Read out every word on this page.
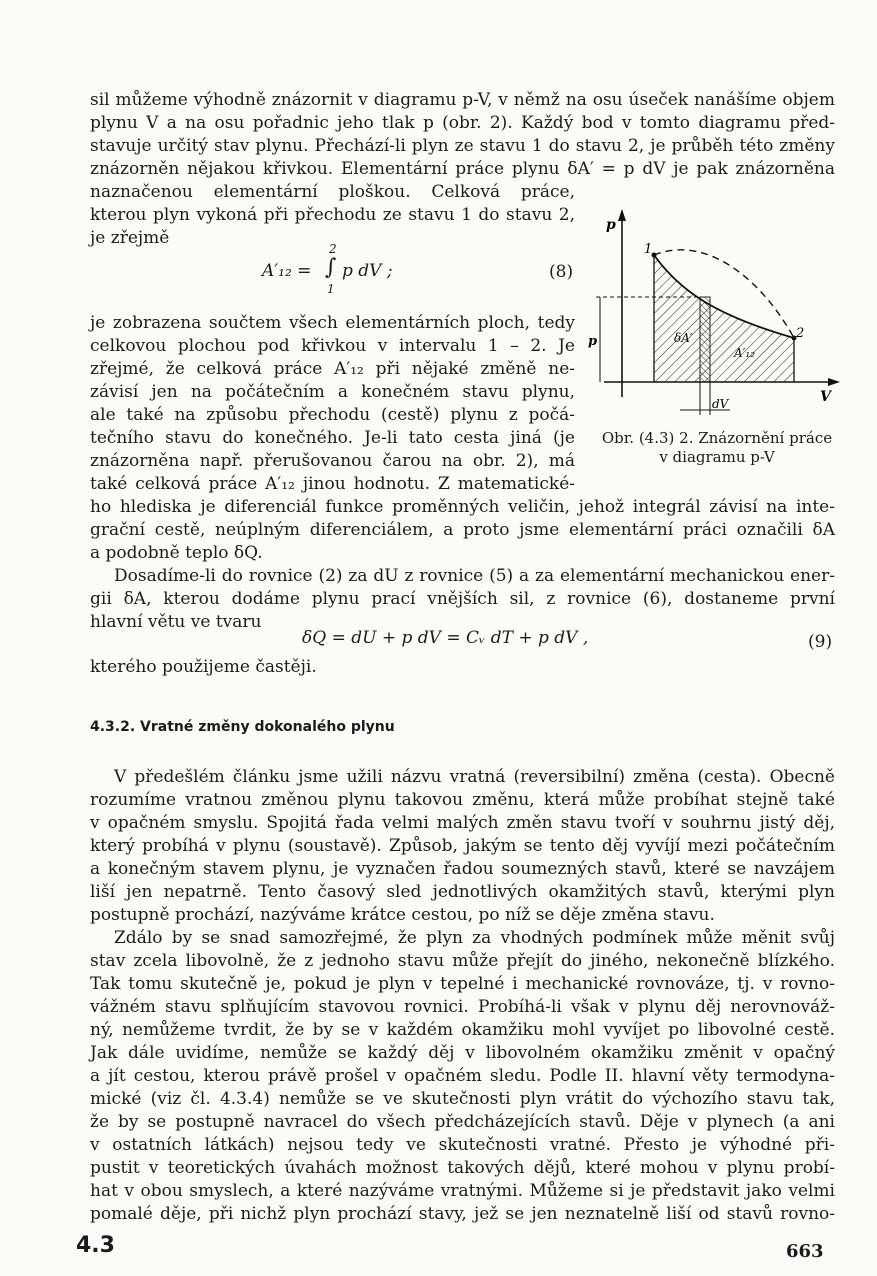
sil můžeme výhodně znázornit v diagramu p-V, v němž na osu úseček nanášíme objem
plynu V a na osu pořadnic jeho tlak p (obr. 2). Každý bod v tomto diagramu před-
stavuje určitý stav plynu. Přechází-li plyn ze stavu 1 do stavu 2, je průběh této změny
znázorněn nějakou křivkou. Elementární práce plynu δA′ = p dV je pak znázorněna
naznačenou elementární ploškou. Celková práce,
kterou plyn vykoná při přechodu ze stavu 1 do stavu 2,
je zřejmě
A′₁₂ =
2
∫
1
p dV ;	(8)
je zobrazena součtem všech elementárních ploch, tedy
celkovou plochou pod křivkou v intervalu 1 – 2. Je
zřejmé, že celková práce A′₁₂ při nějaké změně ne-
závisí jen na počátečním a konečném stavu plynu,
ale také na způsobu přechodu (cestě) plynu z počá-
tečního stavu do konečného. Je-li tato cesta jiná (je
znázorněna např. přerušovanou čarou na obr. 2), má
také celková práce A′₁₂ jinou hodnotu. Z matematické-
ho hlediska je diferenciál funkce proměnných veličin, jehož integrál závisí na inte-
grační cestě, neúplným diferenciálem, a proto jsme elementární práci označili δA
a podobně teplo δQ.
Dosadíme-li do rovnice (2) za dU z rovnice (5) a za elementární mechanickou ener-
gii δA, kterou dodáme plynu prací vnějších sil, z rovnice (6), dostaneme první
hlavní větu ve tvaru
δQ = dU + p dV = Cᵥ dT + p dV ,	(9)
kterého použijeme častěji.
4.3.2. Vratné změny dokonalého plynu
V předešlém článku jsme užili názvu vratná (reversibilní) změna (cesta). Obecně
rozumíme vratnou změnou plynu takovou změnu, která může probíhat stejně také
v opačném smyslu. Spojitá řada velmi malých změn stavu tvoří v souhrnu jistý děj,
který probíhá v plynu (soustavě). Způsob, jakým se tento děj vyvíjí mezi počátečním
a konečným stavem plynu, je vyznačen řadou soumezných stavů, které se navzájem
liší jen nepatrně. Tento časový sled jednotlivých okamžitých stavů, kterými plyn
postupně prochází, nazýváme krátce cestou, po níž se děje změna stavu.
Zdálo by se snad samozřejmé, že plyn za vhodných podmínek může měnit svůj
stav zcela libovolně, že z jednoho stavu může přejít do jiného, nekonečně blízkého.
Tak tomu skutečně je, pokud je plyn v tepelné i mechanické rovnováze, tj. v rovno-
vážném stavu splňujícím stavovou rovnici. Probíhá-li však v plynu děj nerovnováž-
ný, nemůžeme tvrdit, že by se v každém okamžiku mohl vyvíjet po libovolné cestě.
Jak dále uvidíme, nemůže se každý děj v libovolném okamžiku změnit v opačný
a jít cestou, kterou právě prošel v opačném sledu. Podle II. hlavní věty termodyna-
mické (viz čl. 4.3.4) nemůže se ve skutečnosti plyn vrátit do výchozího stavu tak,
že by se postupně navracel do všech předcházejících stavů. Děje v plynech (a ani
v ostatních látkách) nejsou tedy ve skutečnosti vratné. Přesto je výhodné při-
pustit v teoretických úvahách možnost takových dějů, které mohou v plynu probí-
hat v obou smyslech, a které nazýváme vratnými. Můžeme si je představit jako velmi
pomalé děje, při nichž plyn prochází stavy, jež se jen neznatelně liší od stavů rovno-
p
V
1
2
p	δA′
A′₁₂
dV
Obr. (4.3) 2. Znázornění práce v diagramu p-V
4.3	663
